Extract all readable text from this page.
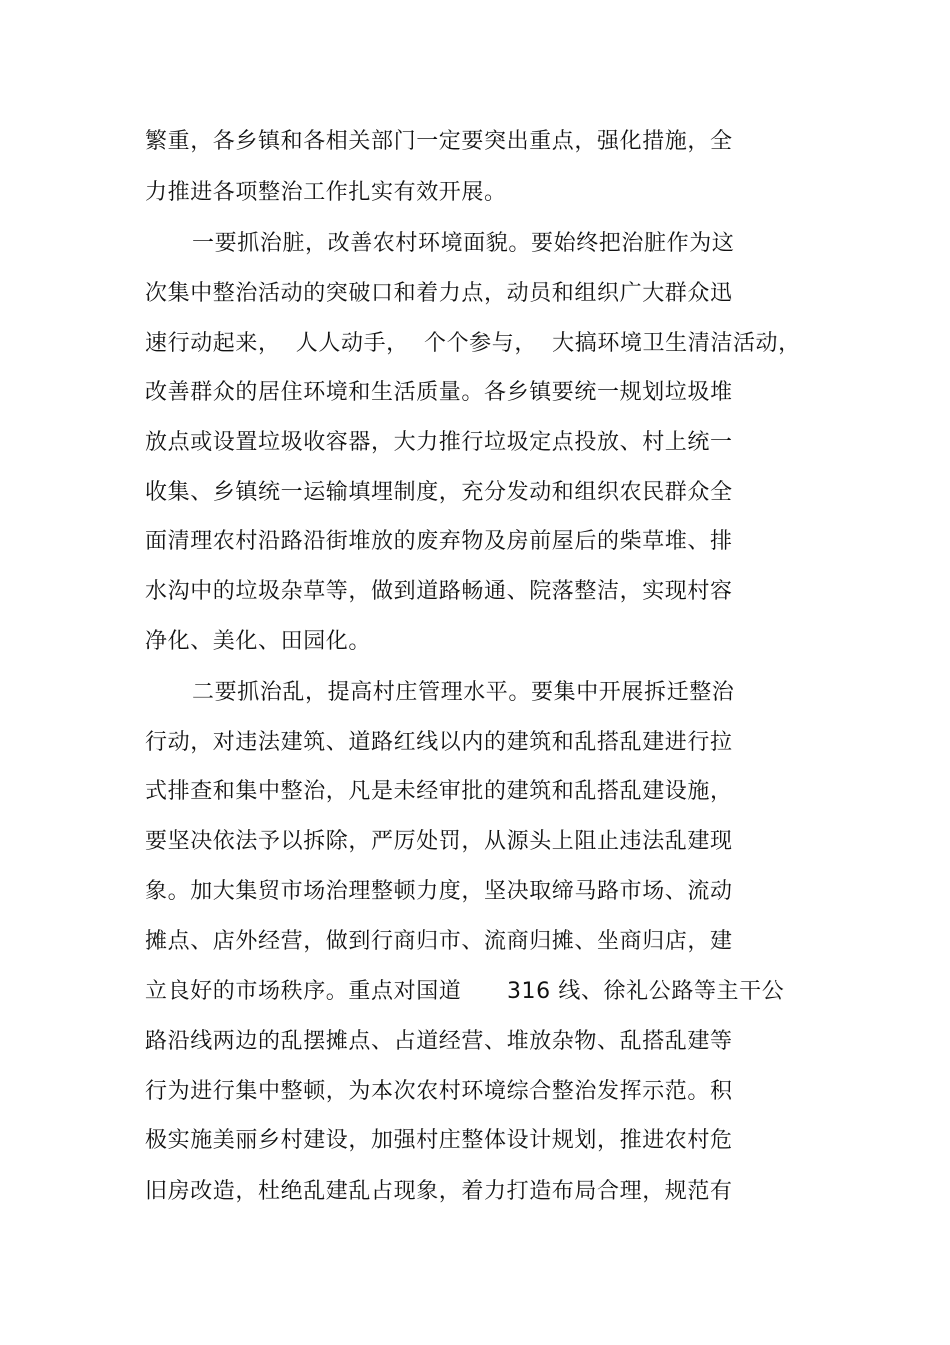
繁重，各乡镇和各相关部门一定要突出重点，强化措施，全
力推进各项整治工作扎实有效开展。
一要抓治脏，改善农村环境面貌。要始终把治脏作为这
次集中整治活动的突破口和着力点，动员和组织广大群众迅
速行动起来，  人人动手，  个个参与，  大搞环境卫生清洁活动，
改善群众的居住环境和生活质量。各乡镇要统一规划垃圾堆
放点或设置垃圾收容器，大力推行垃圾定点投放、村上统一
收集、乡镇统一运输填埋制度，充分发动和组织农民群众全
面清理农村沿路沿街堆放的废弃物及房前屋后的柴草堆、排
水沟中的垃圾杂草等，做到道路畅通、院落整洁，实现村容
净化、美化、田园化。
二要抓治乱，提高村庄管理水平。要集中开展拆迁整治
行动，对违法建筑、道路红线以内的建筑和乱搭乱建进行拉
式排查和集中整治，凡是未经审批的建筑和乱搭乱建设施，
要坚决依法予以拆除，严厉处罚，从源头上阻止违法乱建现
象。加大集贸市场治理整顿力度，坚决取缔马路市场、流动
摊点、店外经营，做到行商归市、流商归摊、坐商归店，建
立良好的市场秩序。重点对国道      316 线、徐礼公路等主干公
路沿线两边的乱摆摊点、占道经营、堆放杂物、乱搭乱建等
行为进行集中整顿，为本次农村环境综合整治发挥示范。积
极实施美丽乡村建设，加强村庄整体设计规划，推进农村危
旧房改造，杜绝乱建乱占现象，着力打造布局合理，规范有
